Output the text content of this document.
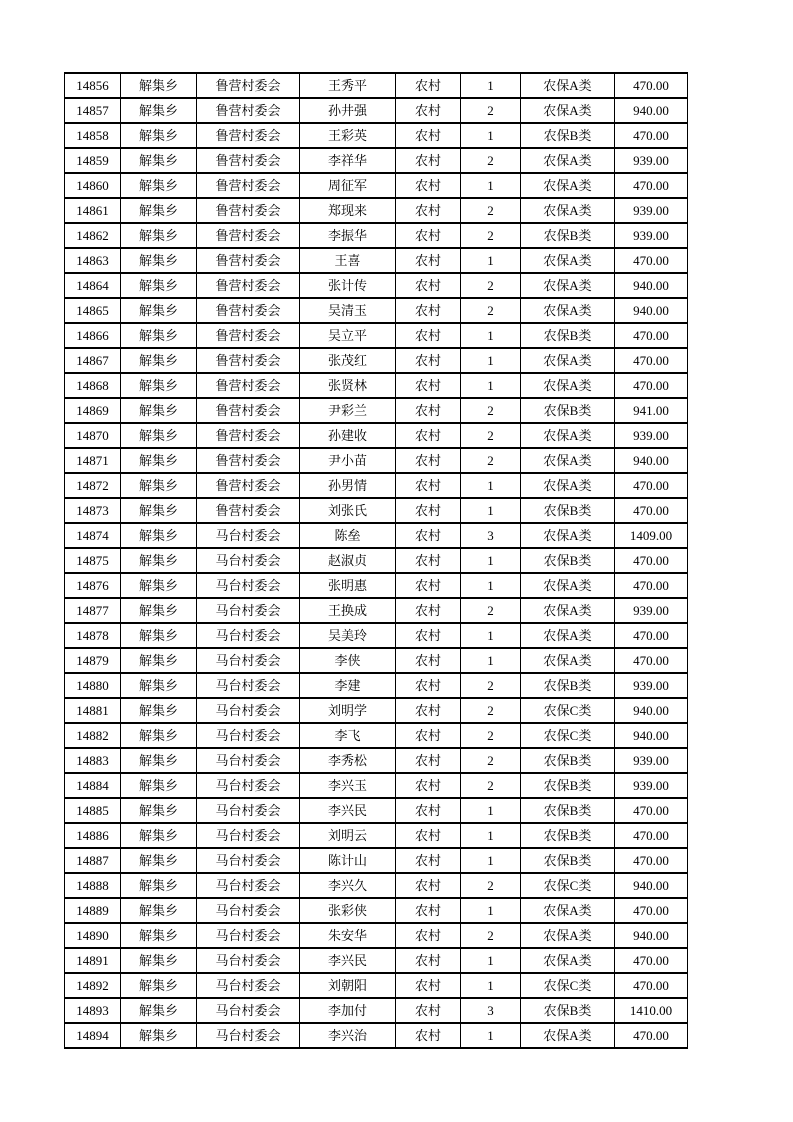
14856	解集乡	鲁营村委会	王秀平	农村	1	农保A类	470.00
14857	解集乡	鲁营村委会	孙井强	农村	2	农保A类	940.00
14858	解集乡	鲁营村委会	王彩英	农村	1	农保B类	470.00
14859	解集乡	鲁营村委会	李祥华	农村	2	农保A类	939.00
14860	解集乡	鲁营村委会	周征军	农村	1	农保A类	470.00
14861	解集乡	鲁营村委会	郑现来	农村	2	农保A类	939.00
14862	解集乡	鲁营村委会	李振华	农村	2	农保B类	939.00
14863	解集乡	鲁营村委会	王喜	农村	1	农保A类	470.00
14864	解集乡	鲁营村委会	张计传	农村	2	农保A类	940.00
14865	解集乡	鲁营村委会	吴清玉	农村	2	农保A类	940.00
14866	解集乡	鲁营村委会	吴立平	农村	1	农保B类	470.00
14867	解集乡	鲁营村委会	张茂红	农村	1	农保A类	470.00
14868	解集乡	鲁营村委会	张贤林	农村	1	农保A类	470.00
14869	解集乡	鲁营村委会	尹彩兰	农村	2	农保B类	941.00
14870	解集乡	鲁营村委会	孙建收	农村	2	农保A类	939.00
14871	解集乡	鲁营村委会	尹小苗	农村	2	农保A类	940.00
14872	解集乡	鲁营村委会	孙男情	农村	1	农保A类	470.00
14873	解集乡	鲁营村委会	刘张氏	农村	1	农保B类	470.00
14874	解集乡	马台村委会	陈垒	农村	3	农保A类	1409.00
14875	解集乡	马台村委会	赵淑贞	农村	1	农保B类	470.00
14876	解集乡	马台村委会	张明惠	农村	1	农保A类	470.00
14877	解集乡	马台村委会	王换成	农村	2	农保A类	939.00
14878	解集乡	马台村委会	吴美玲	农村	1	农保A类	470.00
14879	解集乡	马台村委会	李侠	农村	1	农保A类	470.00
14880	解集乡	马台村委会	李建	农村	2	农保B类	939.00
14881	解集乡	马台村委会	刘明学	农村	2	农保C类	940.00
14882	解集乡	马台村委会	李飞	农村	2	农保C类	940.00
14883	解集乡	马台村委会	李秀松	农村	2	农保B类	939.00
14884	解集乡	马台村委会	李兴玉	农村	2	农保B类	939.00
14885	解集乡	马台村委会	李兴民	农村	1	农保B类	470.00
14886	解集乡	马台村委会	刘明云	农村	1	农保B类	470.00
14887	解集乡	马台村委会	陈计山	农村	1	农保B类	470.00
14888	解集乡	马台村委会	李兴久	农村	2	农保C类	940.00
14889	解集乡	马台村委会	张彩侠	农村	1	农保A类	470.00
14890	解集乡	马台村委会	朱安华	农村	2	农保A类	940.00
14891	解集乡	马台村委会	李兴民	农村	1	农保A类	470.00
14892	解集乡	马台村委会	刘朝阳	农村	1	农保C类	470.00
14893	解集乡	马台村委会	李加付	农村	3	农保B类	1410.00
14894	解集乡	马台村委会	李兴治	农村	1	农保A类	470.00
